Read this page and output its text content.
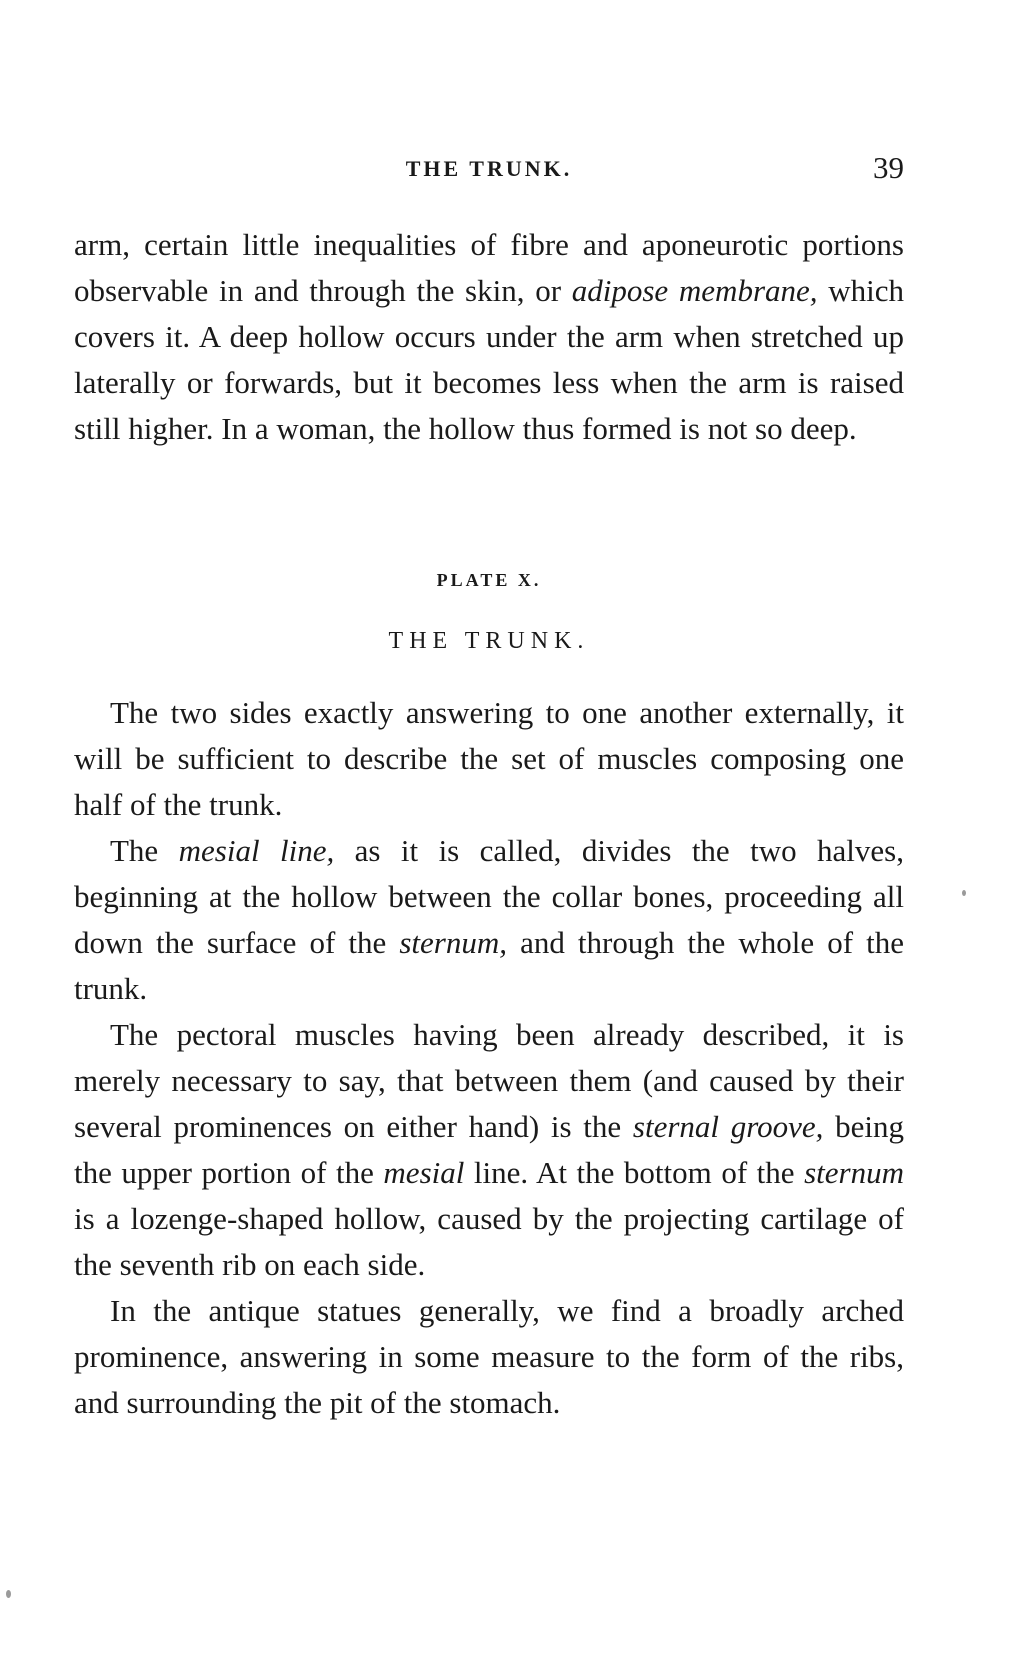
THE TRUNK.	39

arm, certain little inequalities of fibre and aponeurotic portions observable in and through the skin, or adipose membrane, which covers it. A deep hollow occurs under the arm when stretched up laterally or forwards, but it becomes less when the arm is raised still higher. In a woman, the hollow thus formed is not so deep.

PLATE X.
THE TRUNK.

The two sides exactly answering to one another externally, it will be sufficient to describe the set of muscles composing one half of the trunk.

The mesial line, as it is called, divides the two halves, beginning at the hollow between the collar bones, proceeding all down the surface of the sternum, and through the whole of the trunk.

The pectoral muscles having been already described, it is merely necessary to say, that between them (and caused by their several prominences on either hand) is the sternal groove, being the upper portion of the mesial line. At the bottom of the sternum is a lozenge-shaped hollow, caused by the projecting cartilage of the seventh rib on each side.

In the antique statues generally, we find a broadly arched prominence, answering in some measure to the form of the ribs, and surrounding the pit of the stomach.
